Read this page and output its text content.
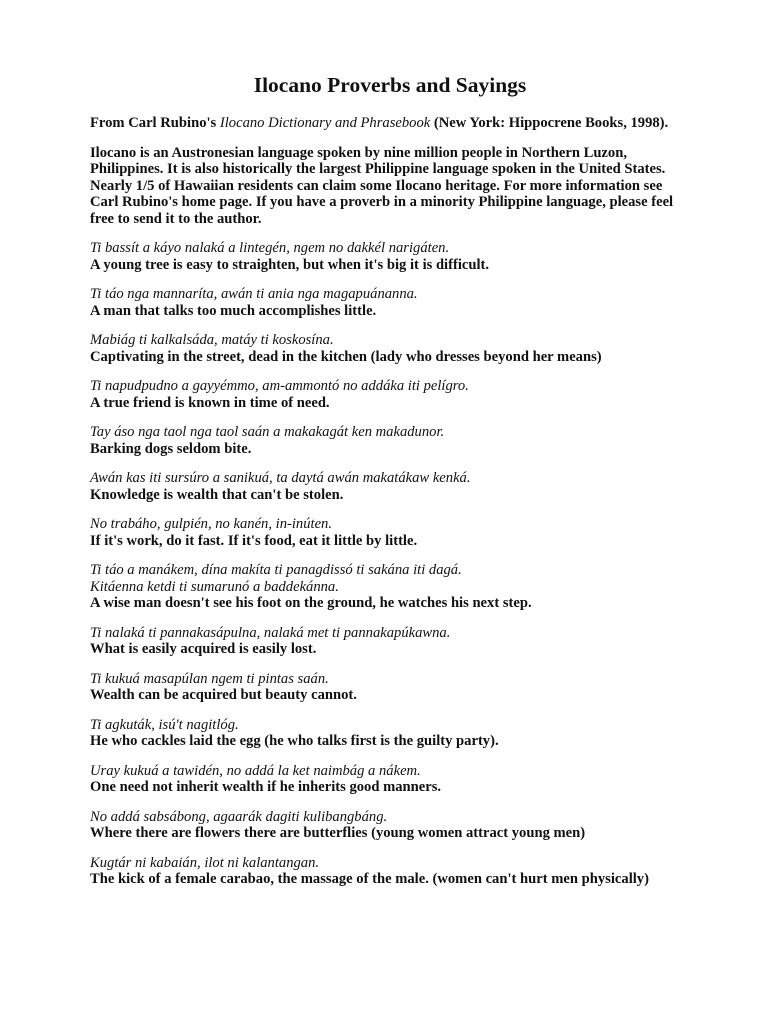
Ilocano Proverbs and Sayings

From Carl Rubino's Ilocano Dictionary and Phrasebook (New York: Hippocrene Books, 1998).

Ilocano is an Austronesian language spoken by nine million people in Northern Luzon, Philippines. It is also historically the largest Philippine language spoken in the United States. Nearly 1/5 of Hawaiian residents can claim some Ilocano heritage. For more information see Carl Rubino's home page. If you have a proverb in a minority Philippine language, please feel free to send it to the author.

Ti bassít a káyo nalaká a lintegén, ngem no dakkél narigáten.

A young tree is easy to straighten, but when it's big it is difficult.

Ti táo nga mannaríta, awán ti ania nga magapuánanna.

A man that talks too much accomplishes little.

Mabiág ti kalkalsáda, matáy ti koskosína.

Captivating in the street, dead in the kitchen (lady who dresses beyond her means)

Ti napudpudno a gayyémmo, am-ammontó no addáka iti pelígro.

A true friend is known in time of need.

Tay áso nga taol nga taol saán a makakagát ken makadunor.

Barking dogs seldom bite.

Awán kas iti sursúro a sanikuá, ta daytá awán makatákaw kenká.

Knowledge is wealth that can't be stolen.

No trabáho, gulpién, no kanén, in-inúten.

If it's work, do it fast. If it's food, eat it little by little.

Ti táo a manákem, dína makíta ti panagdissó ti sakána iti dagá.
Kitáenna ketdi ti sumarunó a baddekánna.

A wise man doesn't see his foot on the ground, he watches his next step.

Ti nalaká ti pannakasápulna, nalaká met ti pannakapúkawna.

What is easily acquired is easily lost.

Ti kukuá masapúlan ngem ti pintas saán.

Wealth can be acquired but beauty cannot.

Ti agkuták, isú't nagitlóg.

He who cackles laid the egg (he who talks first is the guilty party).

Uray kukuá a tawidén, no addá la ket naimbág a nákem.

One need not inherit wealth if he inherits good manners.

No addá sabsábong, agaarák dagiti kulibangbáng.

Where there are flowers there are butterflies (young women attract young men)

Kugtár ni kabaián, ilot ni kalantangan.

The kick of a female carabao, the massage of the male. (women can't hurt men physically)
